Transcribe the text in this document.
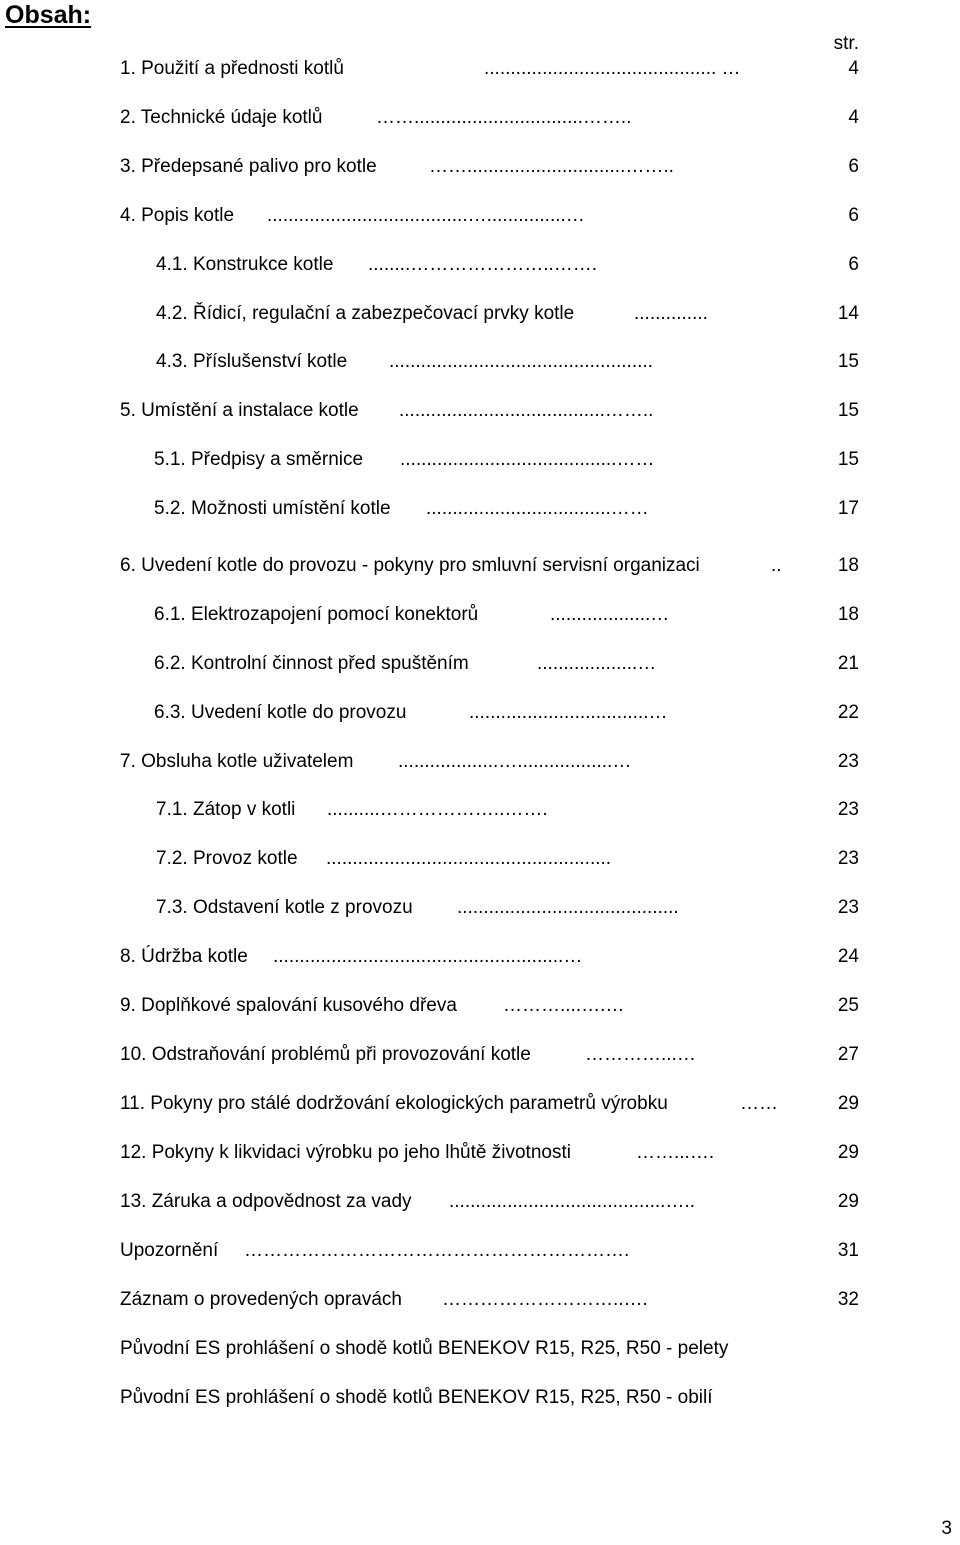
Obsah:
str.
1. Použití a přednosti kotlů	............................................ …	4
2. Technické údaje kotlů	……................................……..	4
3. Předepsané palivo pro kotle	……..............................……..	6
4. Popis kotle ......................................…...............…	6
4.1. Konstrukce kotle ........…………………..…….	6
4.2. Řídicí, regulační a zabezpečovací prvky kotle	..............	14
4.3. Příslušenství kotle ..................................................	15
5. Umístění a instalace kotle .......................................……..	15
5.1. Předpisy a směrnice .........................................……	15
5.2. Možnosti umístění kotle ...................................……	17
6. Uvedení kotle do provozu - pokyny pro smluvní servisní organizaci	..	18
6.1. Elektrozapojení pomocí konektorů	...................…	18
6.2. Kontrolní činnost před spuštěním	...................…	21
6.3. Uvedení kotle do provozu	..................................…	22
7. Obsluha kotle uživatelem ...................…..................…	23
7.1. Zátop v kotli ..........………………..…….	23
7.2. Provoz kotle ......................................................	23
7.3. Odstavení kotle z provozu ..........................................	23
8. Údržba kotle .......................................................…	24
9. Doplňkové spalování kusového dřeva ………....….…	25
10. Odstraňování problémů při provozování kotle	…………...…	27
11. Pokyny pro stálé dodržování ekologických parametrů výrobku	……	29
12. Pokyny k likvidaci výrobku po jeho lhůtě životnosti	……...….	29
13. Záruka a odpovědnost za vady .........................................…..	29
Upozornění …………………………………………………….	31
Záznam o provedených opravách ………………………..….	32
Původní ES prohlášení o shodě kotlů BENEKOV R15, R25, R50 - pelety
Původní ES prohlášení o shodě kotlů BENEKOV R15, R25, R50 - obilí
3
